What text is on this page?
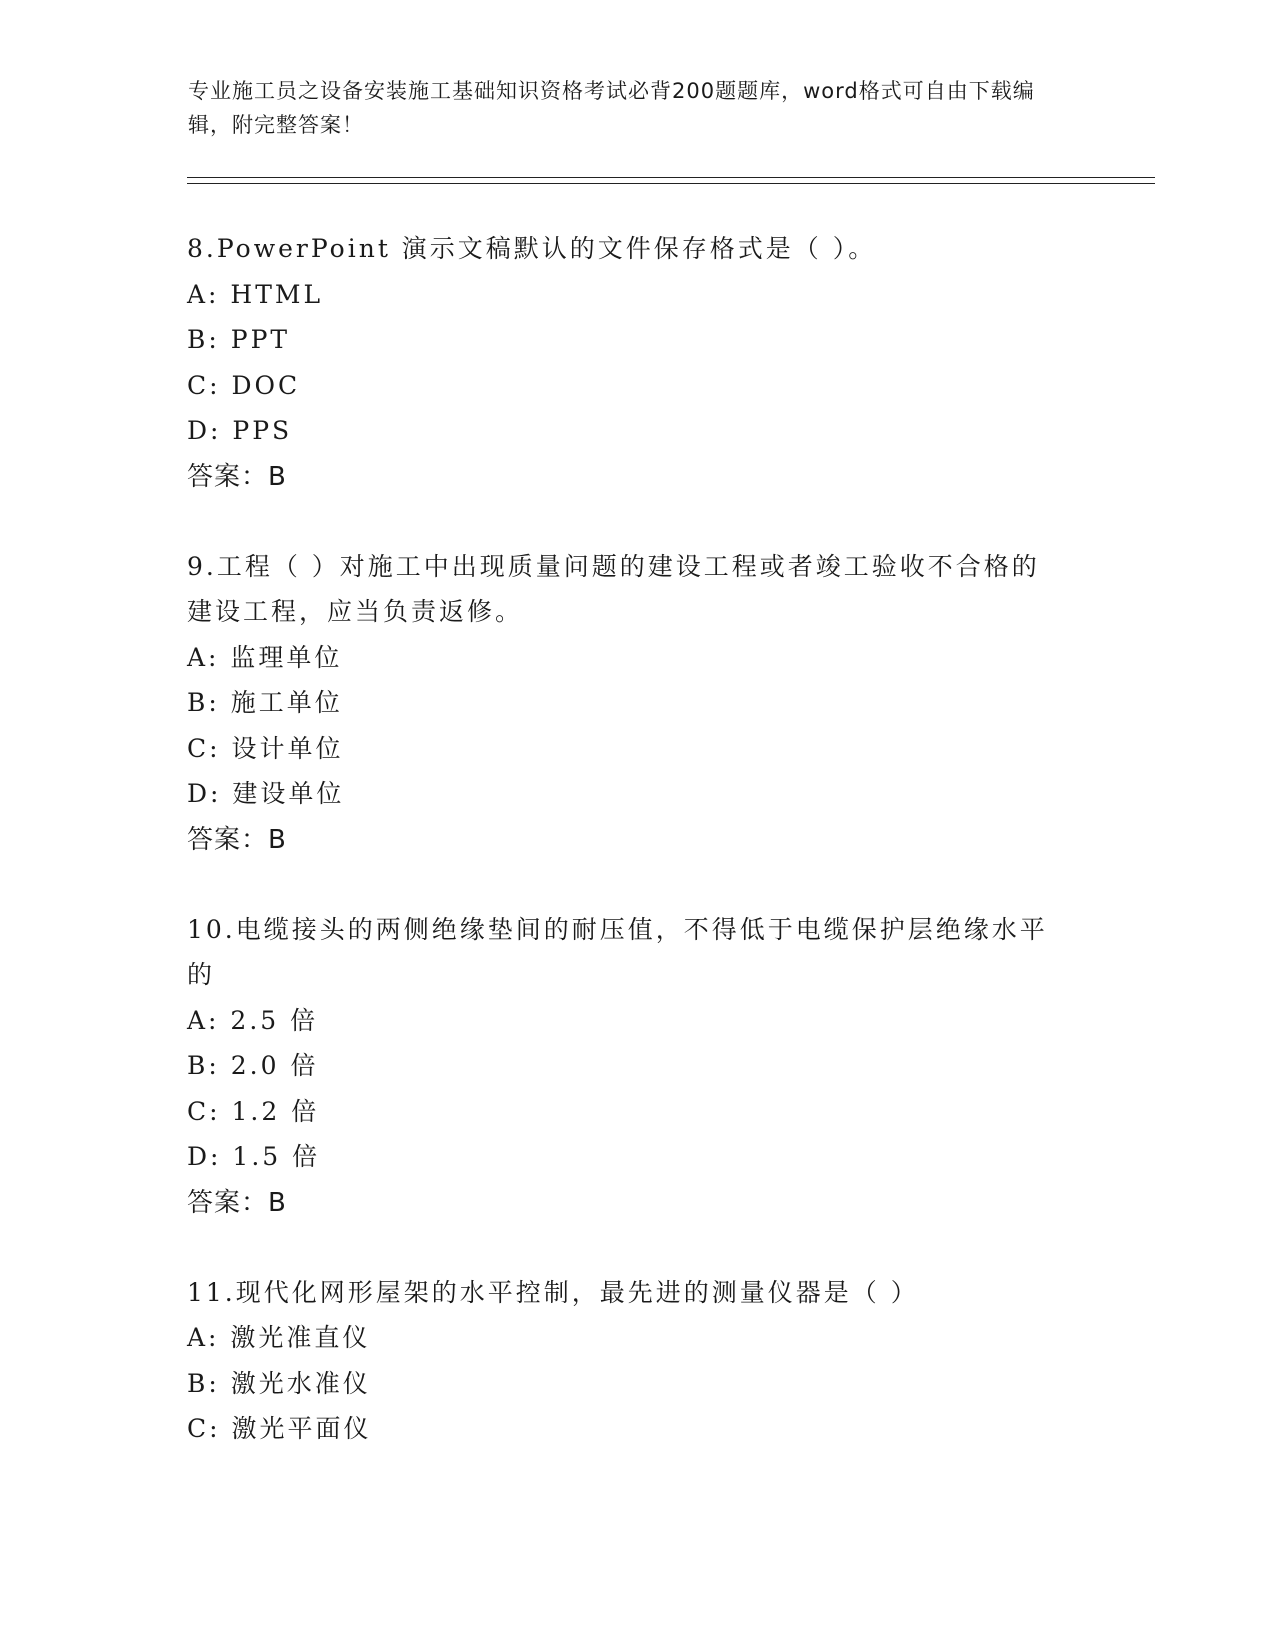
专业施工员之设备安装施工基础知识资格考试必背200题题库，word格式可自由下载编辑，附完整答案！
8.PowerPoint 演示文稿默认的文件保存格式是（ ）。
A: HTML
B: PPT
C: DOC
D: PPS
答案：B
9.工程（ ）对施工中出现质量问题的建设工程或者竣工验收不合格的建设工程，应当负责返修。
A: 监理单位
B: 施工单位
C: 设计单位
D: 建设单位
答案：B
10.电缆接头的两侧绝缘垫间的耐压值，不得低于电缆保护层绝缘水平的
A: 2.5 倍
B: 2.0 倍
C: 1.2 倍
D: 1.5 倍
答案：B
11.现代化网形屋架的水平控制，最先进的测量仪器是（ ）
A: 激光准直仪
B: 激光水准仪
C: 激光平面仪
